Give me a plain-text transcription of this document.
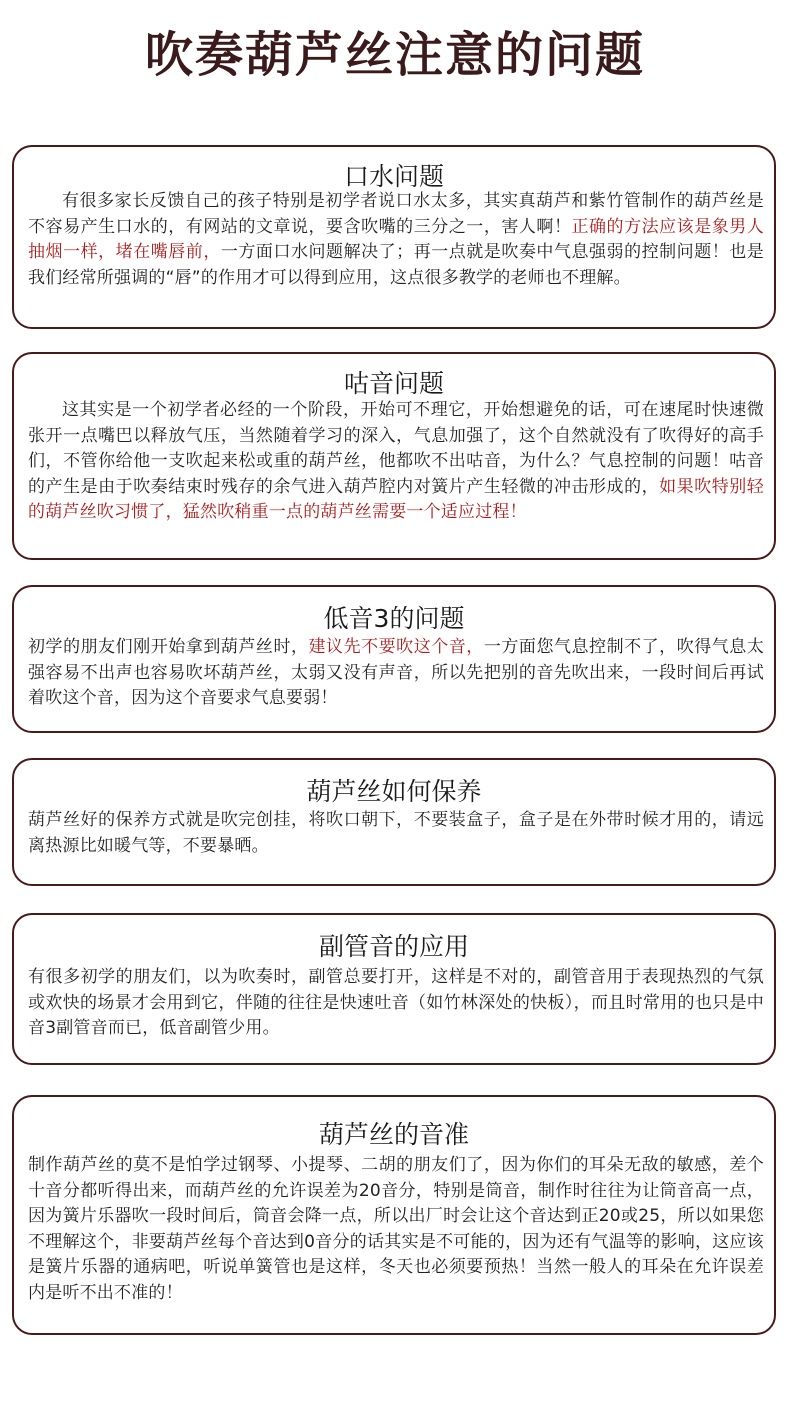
吹奏葫芦丝注意的问题
口水问题
有很多家长反馈自己的孩子特别是初学者说口水太多，其实真葫芦和紫竹管制作的葫芦丝是不容易产生口水的，有网站的文章说，要含吹嘴的三分之一，害人啊！正确的方法应该是象男人抽烟一样，堵在嘴唇前，一方面口水问题解决了；再一点就是吹奏中气息强弱的控制问题！也是我们经常所强调的“唇”的作用才可以得到应用，这点很多教学的老师也不理解。
咕音问题
这其实是一个初学者必经的一个阶段，开始可不理它，开始想避免的话，可在速尾时快速微张开一点嘴巴以释放气压，当然随着学习的深入，气息加强了，这个自然就没有了吹得好的高手们，不管你给他一支吹起来松或重的葫芦丝，他都吹不出咕音，为什么？气息控制的问题！咕音的产生是由于吹奏结束时残存的余气进入葫芦腔内对簧片产生轻微的冲击形成的，如果吹特别轻的葫芦丝吹习惯了，猛然吹稍重一点的葫芦丝需要一个适应过程！
低音3的问题
初学的朋友们刚开始拿到葫芦丝时，建议先不要吹这个音，一方面您气息控制不了，吹得气息太强容易不出声也容易吹坏葫芦丝，太弱又没有声音，所以先把别的音先吹出来，一段时间后再试着吹这个音，因为这个音要求气息要弱！
葫芦丝如何保养
葫芦丝好的保养方式就是吹完创挂，将吹口朝下，不要装盒子，盒子是在外带时候才用的，请远离热源比如暖气等，不要暴晒。
副管音的应用
有很多初学的朋友们，以为吹奏时，副管总要打开，这样是不对的，副管音用于表现热烈的气氛或欢快的场景才会用到它，伴随的往往是快速吐音（如竹林深处的快板），而且时常用的也只是中音3副管音而已，低音副管少用。
葫芦丝的音准
制作葫芦丝的莫不是怕学过钢琴、小提琴、二胡的朋友们了，因为你们的耳朵无敌的敏感，差个十音分都听得出来，而葫芦丝的允许误差为20音分，特别是筒音，制作时往往为让筒音高一点，因为簧片乐器吹一段时间后，筒音会降一点，所以出厂时会让这个音达到正20或25，所以如果您不理解这个，非要葫芦丝每个音达到0音分的话其实是不可能的，因为还有气温等的影响，这应该是簧片乐器的通病吧，听说单簧管也是这样，冬天也必须要预热！当然一般人的耳朵在允许误差内是听不出不准的！
